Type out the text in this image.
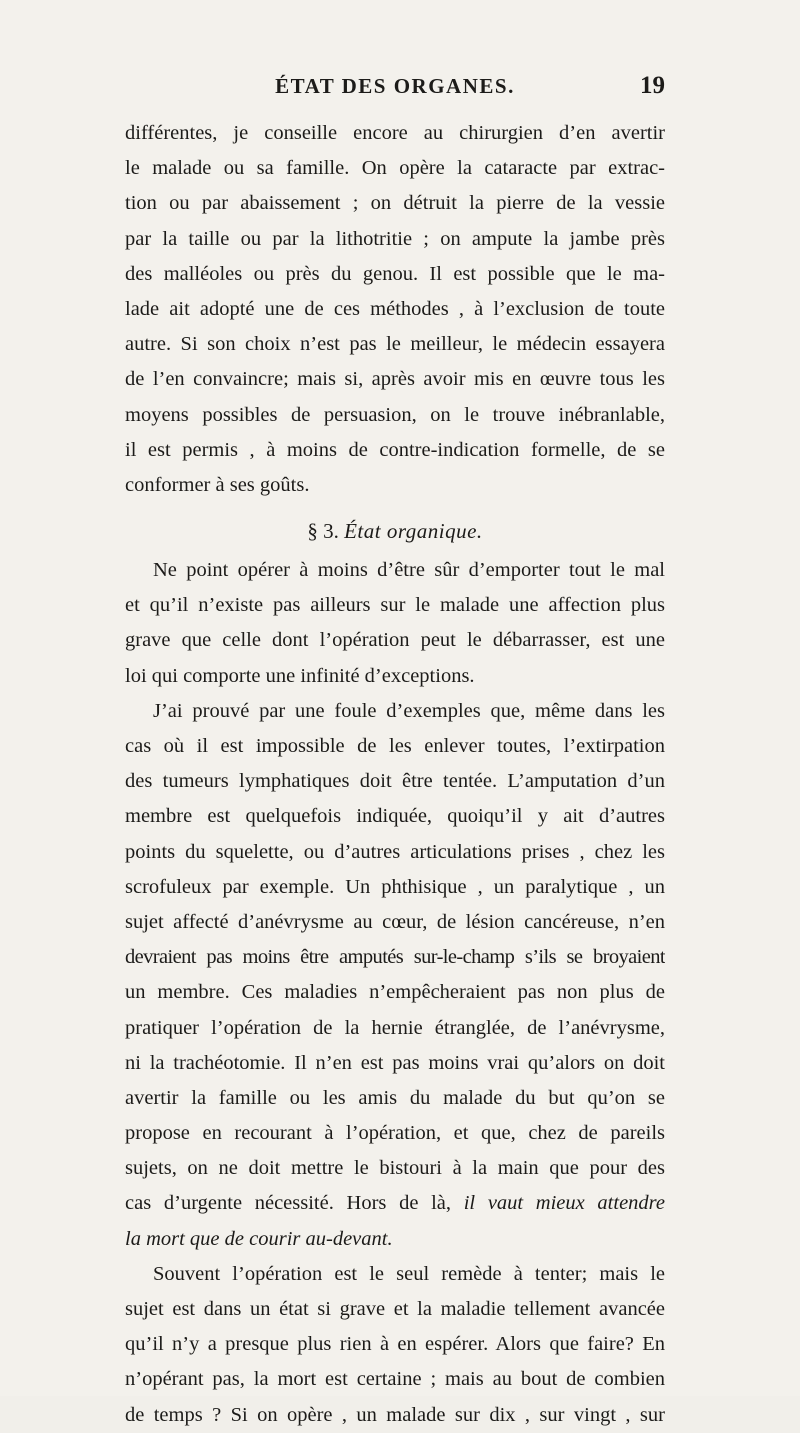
ÉTAT DES ORGANES.	19
différentes, je conseille encore au chirurgien d’en avertir
le malade ou sa famille. On opère la cataracte par extrac-
tion ou par abaissement ; on détruit la pierre de la vessie
par la taille ou par la lithotritie ; on ampute la jambe près
des malléoles ou près du genou. Il est possible que le ma-
lade ait adopté une de ces méthodes , à l’exclusion de toute
autre. Si son choix n’est pas le meilleur, le médecin essayera
de l’en convaincre; mais si, après avoir mis en œuvre tous les
moyens possibles de persuasion, on le trouve inébranlable,
il est permis , à moins de contre-indication formelle, de se
conformer à ses goûts.
§ 3. État organique.
Ne point opérer à moins d’être sûr d’emporter tout le mal
et qu’il n’existe pas ailleurs sur le malade une affection plus
grave que celle dont l’opération peut le débarrasser, est une
loi qui comporte une infinité d’exceptions.
J’ai prouvé par une foule d’exemples que, même dans les
cas où il est impossible de les enlever toutes, l’extirpation
des tumeurs lymphatiques doit être tentée. L’amputation d’un
membre est quelquefois indiquée, quoiqu’il y ait d’autres
points du squelette, ou d’autres articulations prises , chez les
scrofuleux par exemple. Un phthisique , un paralytique , un
sujet affecté d’anévrysme au cœur, de lésion cancéreuse, n’en
devraient pas moins être amputés sur-le-champ s’ils se broyaient
un membre. Ces maladies n’empêcheraient pas non plus de
pratiquer l’opération de la hernie étranglée, de l’anévrysme,
ni la trachéotomie. Il n’en est pas moins vrai qu’alors on doit
avertir la famille ou les amis du malade du but qu’on se
propose en recourant à l’opération, et que, chez de pareils
sujets, on ne doit mettre le bistouri à la main que pour des
cas d’urgente nécessité. Hors de là, il vaut mieux attendre
la mort que de courir au-devant.
Souvent l’opération est le seul remède à tenter; mais le
sujet est dans un état si grave et la maladie tellement avancée
qu’il n’y a presque plus rien à en espérer. Alors que faire? En
n’opérant pas, la mort est certaine ; mais au bout de combien
de temps ? Si on opère , un malade sur dix , sur vingt , sur
